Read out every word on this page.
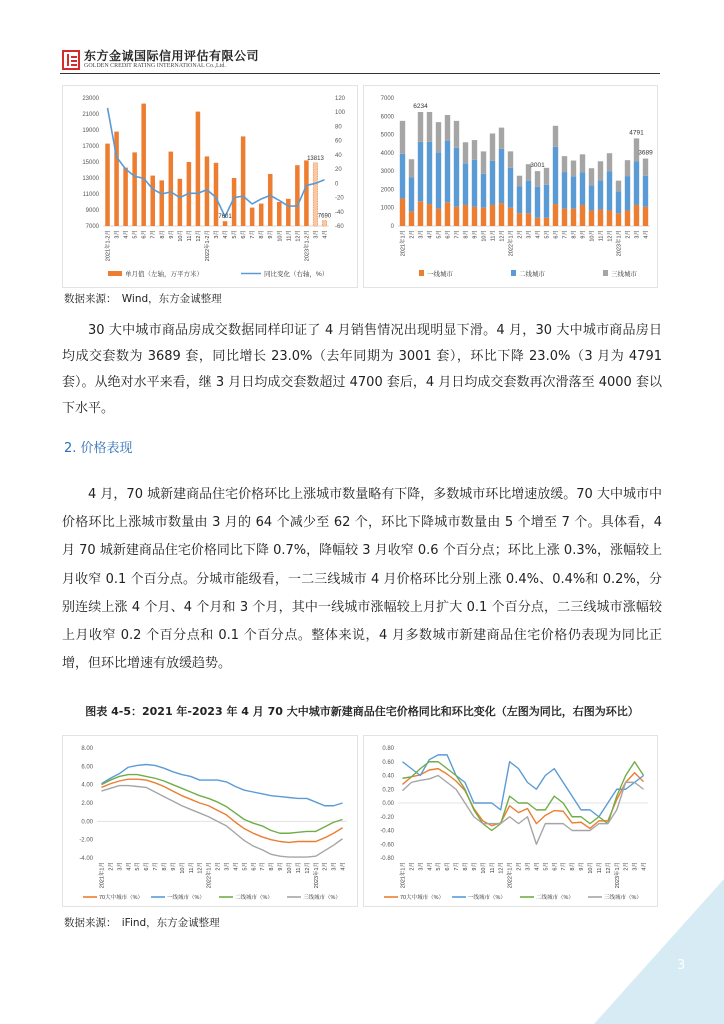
东方金诚国际信用评估有限公司
GOLDEN CREDIT RATING INTERNATIONAL Co.,Ltd.
7000
9000
11000
13000
15000
17000
19000
21000
23000
2021年1-2月 3月 4月 5月 6月 7月 8月 9月 10月 11月 12月 2022年1-2月 3月 4月 5月 6月 7月 8月 9月 10月 11月 12月 2023年1-2月 3月 4月
-60
-40
-20
0
20
40
60
80
100
120
7601
13813
7690
单月值（左轴，万平方米）	同比变化（右轴，%）
0
1000
2000
3000
4000
5000
6000
7000
2021年1月 2月 3月 4月 5月 6月 7月 8月 9月 10月 11月 12月 2022年1月 2月 3月 4月 5月 6月 7月 8月 9月 10月 11月 12月 2023年1月 2月 3月 4月
6234
3001
4791
3689
一线城市	二线城市	三线城市
数据来源：　Wind，东方金诚整理
30 大中城市商品房成交数据同样印证了 4 月销售情况出现明显下滑。4 月，30 大中城市商品房日均成交套数为 3689 套，同比增长 23.0%（去年同期为 3001 套），环比下降 23.0%（3 月为 4791 套）。从绝对水平来看，继 3 月日均成交套数超过 4700 套后，4 月日均成交套数再次滑落至 4000 套以下水平。
2. 价格表现
4 月，70 城新建商品住宅价格环比上涨城市数量略有下降，多数城市环比增速放缓。70 大中城市中价格环比上涨城市数量由 3 月的 64 个减少至 62 个，环比下降城市数量由 5 个增至 7 个。具体看，4 月 70 城新建商品住宅价格同比下降 0.7%，降幅较 3 月收窄 0.6 个百分点；环比上涨 0.3%，涨幅较上月收窄 0.1 个百分点。分城市能级看，一二三线城市 4 月价格环比分别上涨 0.4%、0.4%和 0.2%，分别连续上涨 4 个月、4 个月和 3 个月，其中一线城市涨幅较上月扩大 0.1 个百分点，二三线城市涨幅较上月收窄 0.2 个百分点和 0.1 个百分点。整体来说，4 月多数城市新建商品住宅价格仍表现为同比正增，但环比增速有放缓趋势。
图表 4-5：2021 年-2023 年 4 月 70 大中城市新建商品住宅价格同比和环比变化（左图为同比，右图为环比）
-4.00
-2.00
0.00
2.00
4.00
6.00
8.00
2021年1月 2月 3月 4月 5月 6月 7月 8月 9月 10月 11月 12月 2022年1月 2月 3月 4月 5月 6月 7月 8月 9月 10月 11月 12月 2023年1月 2月 3月 4月
70大中城市（%）	一线城市（%）	二线城市（%）	三线城市（%）
-0.80
-0.60
-0.40
-0.20
0.00
0.20
0.40
0.60
0.80
2021年1月 2月 3月 4月 5月 6月 7月 8月 9月 10月 11月 12月 2022年1月 2月 3月 4月 5月 6月 7月 8月 9月 10月 11月 12月 2023年1月 2月 3月 4月
70大中城市（%）	一线城市（%）	二线城市（%）	三线城市（%）
数据来源：　iFind，东方金诚整理
3
